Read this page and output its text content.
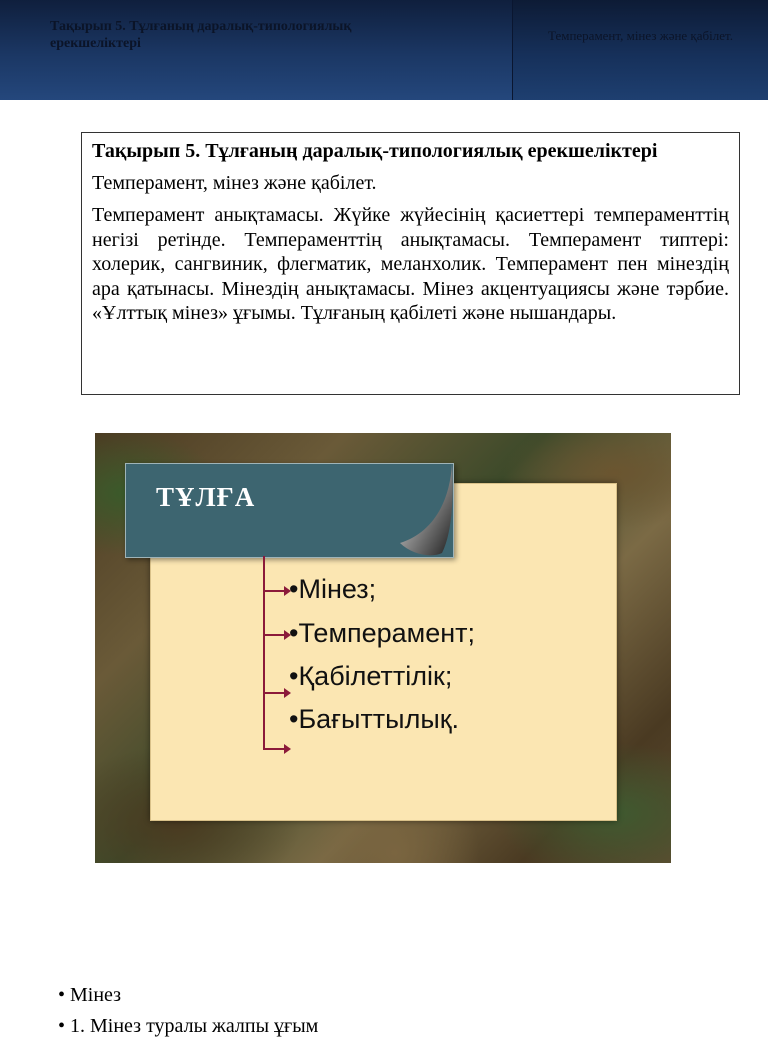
Тақырып 5. Тұлғаның даралық-типологиялық ерекшеліктері
Темперамент, мінез және қабілет.

Тақырып 5. Тұлғаның даралық-типологиялық ерекшеліктері

Темперамент, мінез және қабілет.

Темперамент анықтамасы. Жүйке жүйесінің қасиеттері темпераменттің негізі ретінде. Темпераменттің анықтамасы. Темперамент типтері: холерик, сангвиник, флегматик, меланхолик. Темперамент пен мінездің ара қатынасы. Мінездің анықтамасы. Мінез акцентуациясы және тәрбие. «Ұлттық мінез» ұғымы. Тұлғаның қабілеті және нышандары.

ТҰЛҒА
•Мінез;
•Темперамент;
•Қабілеттілік;
•Бағыттылық.
• Мінез
• 1. Мінез туралы жалпы ұғым
